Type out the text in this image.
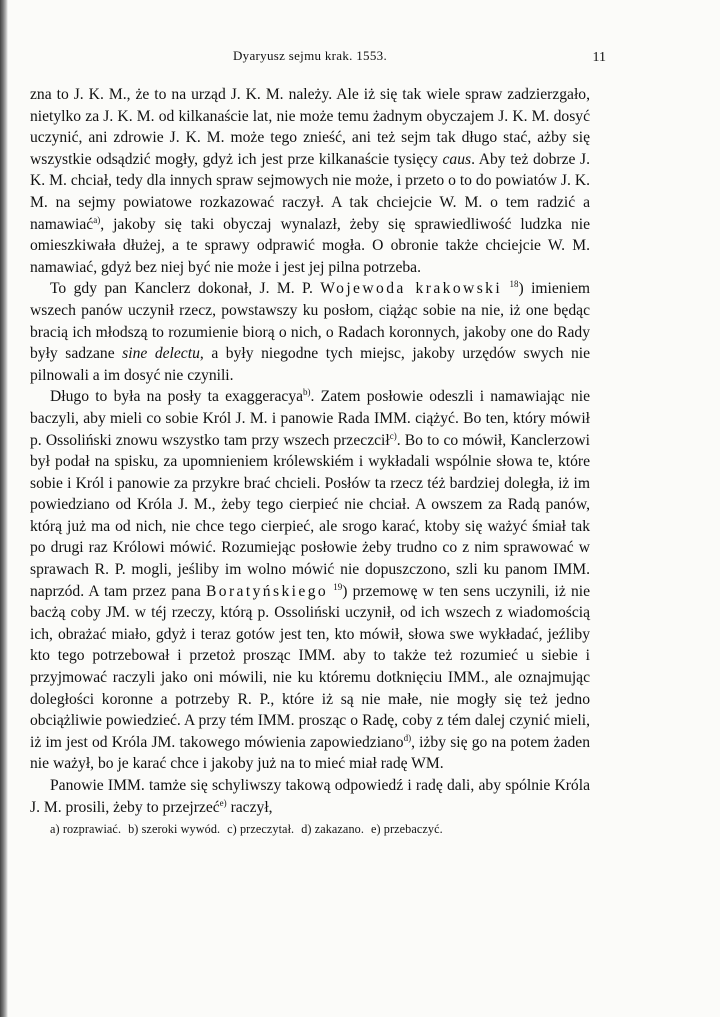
Dyaryusz sejmu krak. 1553.	11

zna to J. K. M., że to na urząd J. K. M. należy. Ale iż się tak wiele spraw zadzierzgało, nietylko za J. K. M. od kilkanaście lat, nie może temu żadnym obyczajem J. K. M. dosyć uczynić, ani zdrowie J. K. M. może tego znieść, ani też sejm tak długo stać, ażby się wszystkie odsądzić mogły, gdyż ich jest prze kilkanaście tysięcy caus. Aby też dobrze J. K. M. chciał, tedy dla innych spraw sejmowych nie może, i przeto o to do powiatów J. K. M. na sejmy powiatowe rozkazować raczył. A tak chciejcie W. M. o tem radzić a namawiać$^{a)}$, jakoby się taki obyczaj wynalazł, żeby się sprawiedliwość ludzka nie omieszkiwała dłużej, a te sprawy odprawić mogła. O obronie także chciejcie W. M. namawiać, gdyż bez niej być nie może i jest jej pilna potrzeba.

To gdy pan Kanclerz dokonał, J. M. P. Wojewoda krakowski $^{18}$) imieniem wszech panów uczynił rzecz, powstawszy ku posłom, ciążąc sobie na nie, iż one będąc bracią ich młodszą to rozumienie biorą o nich, o Radach koronnych, jakoby one do Rady były sadzane sine delectu, a były niegodne tych miejsc, jakoby urzędów swych nie pilnowali a im dosyć nie czynili.

Długo to była na posły ta exaggeracya$^{b)}$. Zatem posłowie odeszli i namawiając nie baczyli, aby mieli co sobie Król J. M. i panowie Rada IMM. ciążyć. Bo ten, który mówił p. Ossoliński znowu wszystko tam przy wszech przeczcił$^{c)}$. Bo to co mówił, Kanclerzowi był podał na spisku, za upomnieniem królewskiém i wykładali wspólnie słowa te, które sobie i Król i panowie za przykre brać chcieli. Posłów ta rzecz téż bardziej doległa, iż im powiedziano od Króla J. M., żeby tego cierpieć nie chciał. A owszem za Radą panów, którą już ma od nich, nie chce tego cierpieć, ale srogo karać, ktoby się ważyć śmiał tak po drugi raz Królowi mówić. Rozumiejąc posłowie żeby trudno co z nim sprawować w sprawach R. P. mogli, jeśliby im wolno mówić nie dopuszczono, szli ku panom IMM. naprzód. A tam przez pana Boratyńskiego $^{19}$) przemowę w ten sens uczynili, iż nie bacżą coby JM. w téj rzeczy, którą p. Ossoliński uczynił, od ich wszech z wiadomością ich, obrażać miało, gdyż i teraz gotów jest ten, kto mówił, słowa swe wykładać, jeźliby kto tego potrzebował i przetoż prosząc IMM. aby to także też rozumieć u siebie i przyjmować raczyli jako oni mówili, nie ku któremu dotknięciu IMM., ale oznajmując doległości koronne a potrzeby R. P., które iż są nie małe, nie mogły się też jedno obciążliwie powiedzieć. A przy tém IMM. prosząc o Radę, coby z tém dalej czynić mieli, iż im jest od Króla JM. takowego mówienia zapowiedziano$^{d)}$, iżby się go na potem żaden nie ważył, bo je karać chce i jakoby już na to mieć miał radę WM.

Panowie IMM. tamże się schyliwszy takową odpowiedź i radę dali, aby spólnie Króla J. M. prosili, żeby to przejrzeć$^{e)}$ raczył,

a) rozprawiać. b) szeroki wywód. c) przeczytał. d) zakazano. e) przebaczyć.
